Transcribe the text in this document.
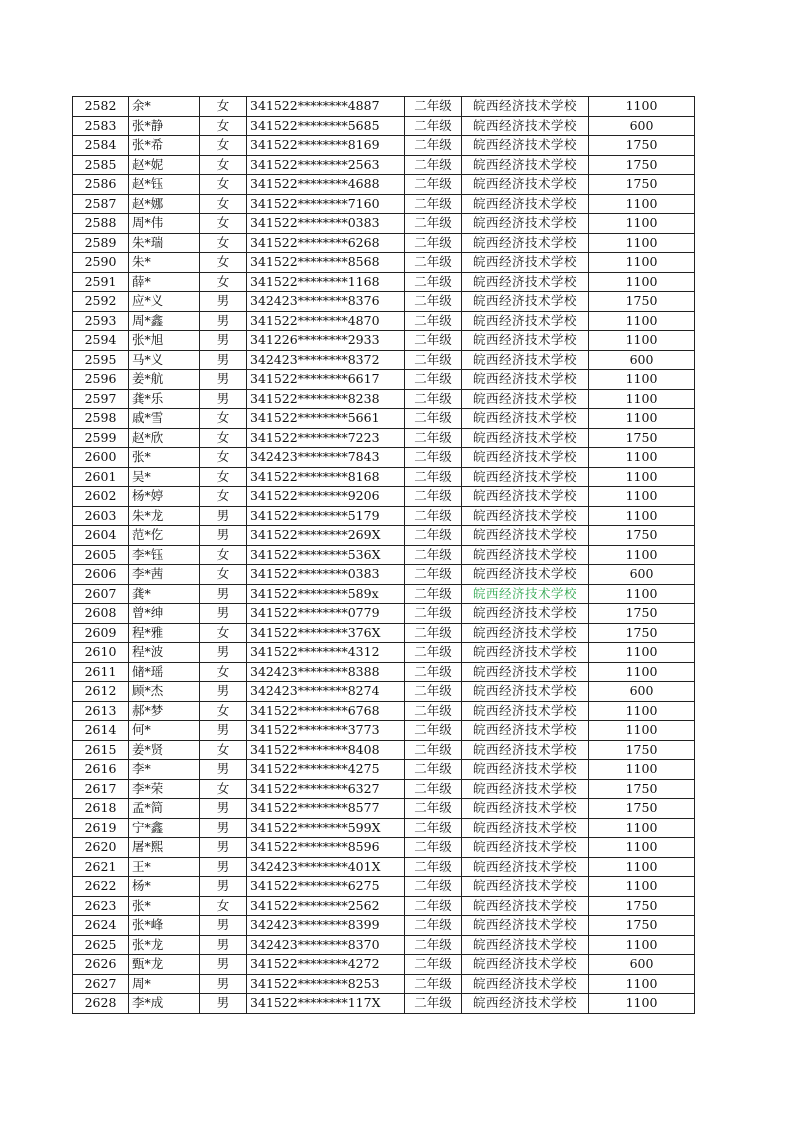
2582	余*	女	341522********4887	二年级	皖西经济技术学校	1100
2583	张*静	女	341522********5685	二年级	皖西经济技术学校	600
2584	张*希	女	341522********8169	二年级	皖西经济技术学校	1750
2585	赵*妮	女	341522********2563	二年级	皖西经济技术学校	1750
2586	赵*钰	女	341522********4688	二年级	皖西经济技术学校	1750
2587	赵*娜	女	341522********7160	二年级	皖西经济技术学校	1100
2588	周*伟	女	341522********0383	二年级	皖西经济技术学校	1100
2589	朱*瑞	女	341522********6268	二年级	皖西经济技术学校	1100
2590	朱*	女	341522********8568	二年级	皖西经济技术学校	1100
2591	薛*	女	341522********1168	二年级	皖西经济技术学校	1100
2592	应*义	男	342423********8376	二年级	皖西经济技术学校	1750
2593	周*鑫	男	341522********4870	二年级	皖西经济技术学校	1100
2594	张*旭	男	341226********2933	二年级	皖西经济技术学校	1100
2595	马*义	男	342423********8372	二年级	皖西经济技术学校	600
2596	姜*航	男	341522********6617	二年级	皖西经济技术学校	1100
2597	龚*乐	男	341522********8238	二年级	皖西经济技术学校	1100
2598	戚*雪	女	341522********5661	二年级	皖西经济技术学校	1100
2599	赵*欣	女	341522********7223	二年级	皖西经济技术学校	1750
2600	张*	女	342423********7843	二年级	皖西经济技术学校	1100
2601	吴*	女	341522********8168	二年级	皖西经济技术学校	1100
2602	杨*婷	女	341522********9206	二年级	皖西经济技术学校	1100
2603	朱*龙	男	341522********5179	二年级	皖西经济技术学校	1100
2604	范*仡	男	341522********269X	二年级	皖西经济技术学校	1750
2605	李*钰	女	341522********536X	二年级	皖西经济技术学校	1100
2606	李*茜	女	341522********0383	二年级	皖西经济技术学校	600
2607	龚*	男	341522********589x	二年级	皖西经济技术学校	1100
2608	曾*绅	男	341522********0779	二年级	皖西经济技术学校	1750
2609	程*雅	女	341522********376X	二年级	皖西经济技术学校	1750
2610	程*波	男	341522********4312	二年级	皖西经济技术学校	1100
2611	储*瑶	女	342423********8388	二年级	皖西经济技术学校	1100
2612	顾*杰	男	342423********8274	二年级	皖西经济技术学校	600
2613	郝*梦	女	341522********6768	二年级	皖西经济技术学校	1100
2614	何*	男	341522********3773	二年级	皖西经济技术学校	1100
2615	姜*贤	女	341522********8408	二年级	皖西经济技术学校	1750
2616	李*	男	341522********4275	二年级	皖西经济技术学校	1100
2617	李*荣	女	341522********6327	二年级	皖西经济技术学校	1750
2618	孟*简	男	341522********8577	二年级	皖西经济技术学校	1750
2619	宁*鑫	男	341522********599X	二年级	皖西经济技术学校	1100
2620	屠*熙	男	341522********8596	二年级	皖西经济技术学校	1100
2621	王*	男	342423********401X	二年级	皖西经济技术学校	1100
2622	杨*	男	341522********6275	二年级	皖西经济技术学校	1100
2623	张*	女	341522********2562	二年级	皖西经济技术学校	1750
2624	张*峰	男	342423********8399	二年级	皖西经济技术学校	1750
2625	张*龙	男	342423********8370	二年级	皖西经济技术学校	1100
2626	甄*龙	男	341522********4272	二年级	皖西经济技术学校	600
2627	周*	男	341522********8253	二年级	皖西经济技术学校	1100
2628	李*成	男	341522********117X	二年级	皖西经济技术学校	1100
